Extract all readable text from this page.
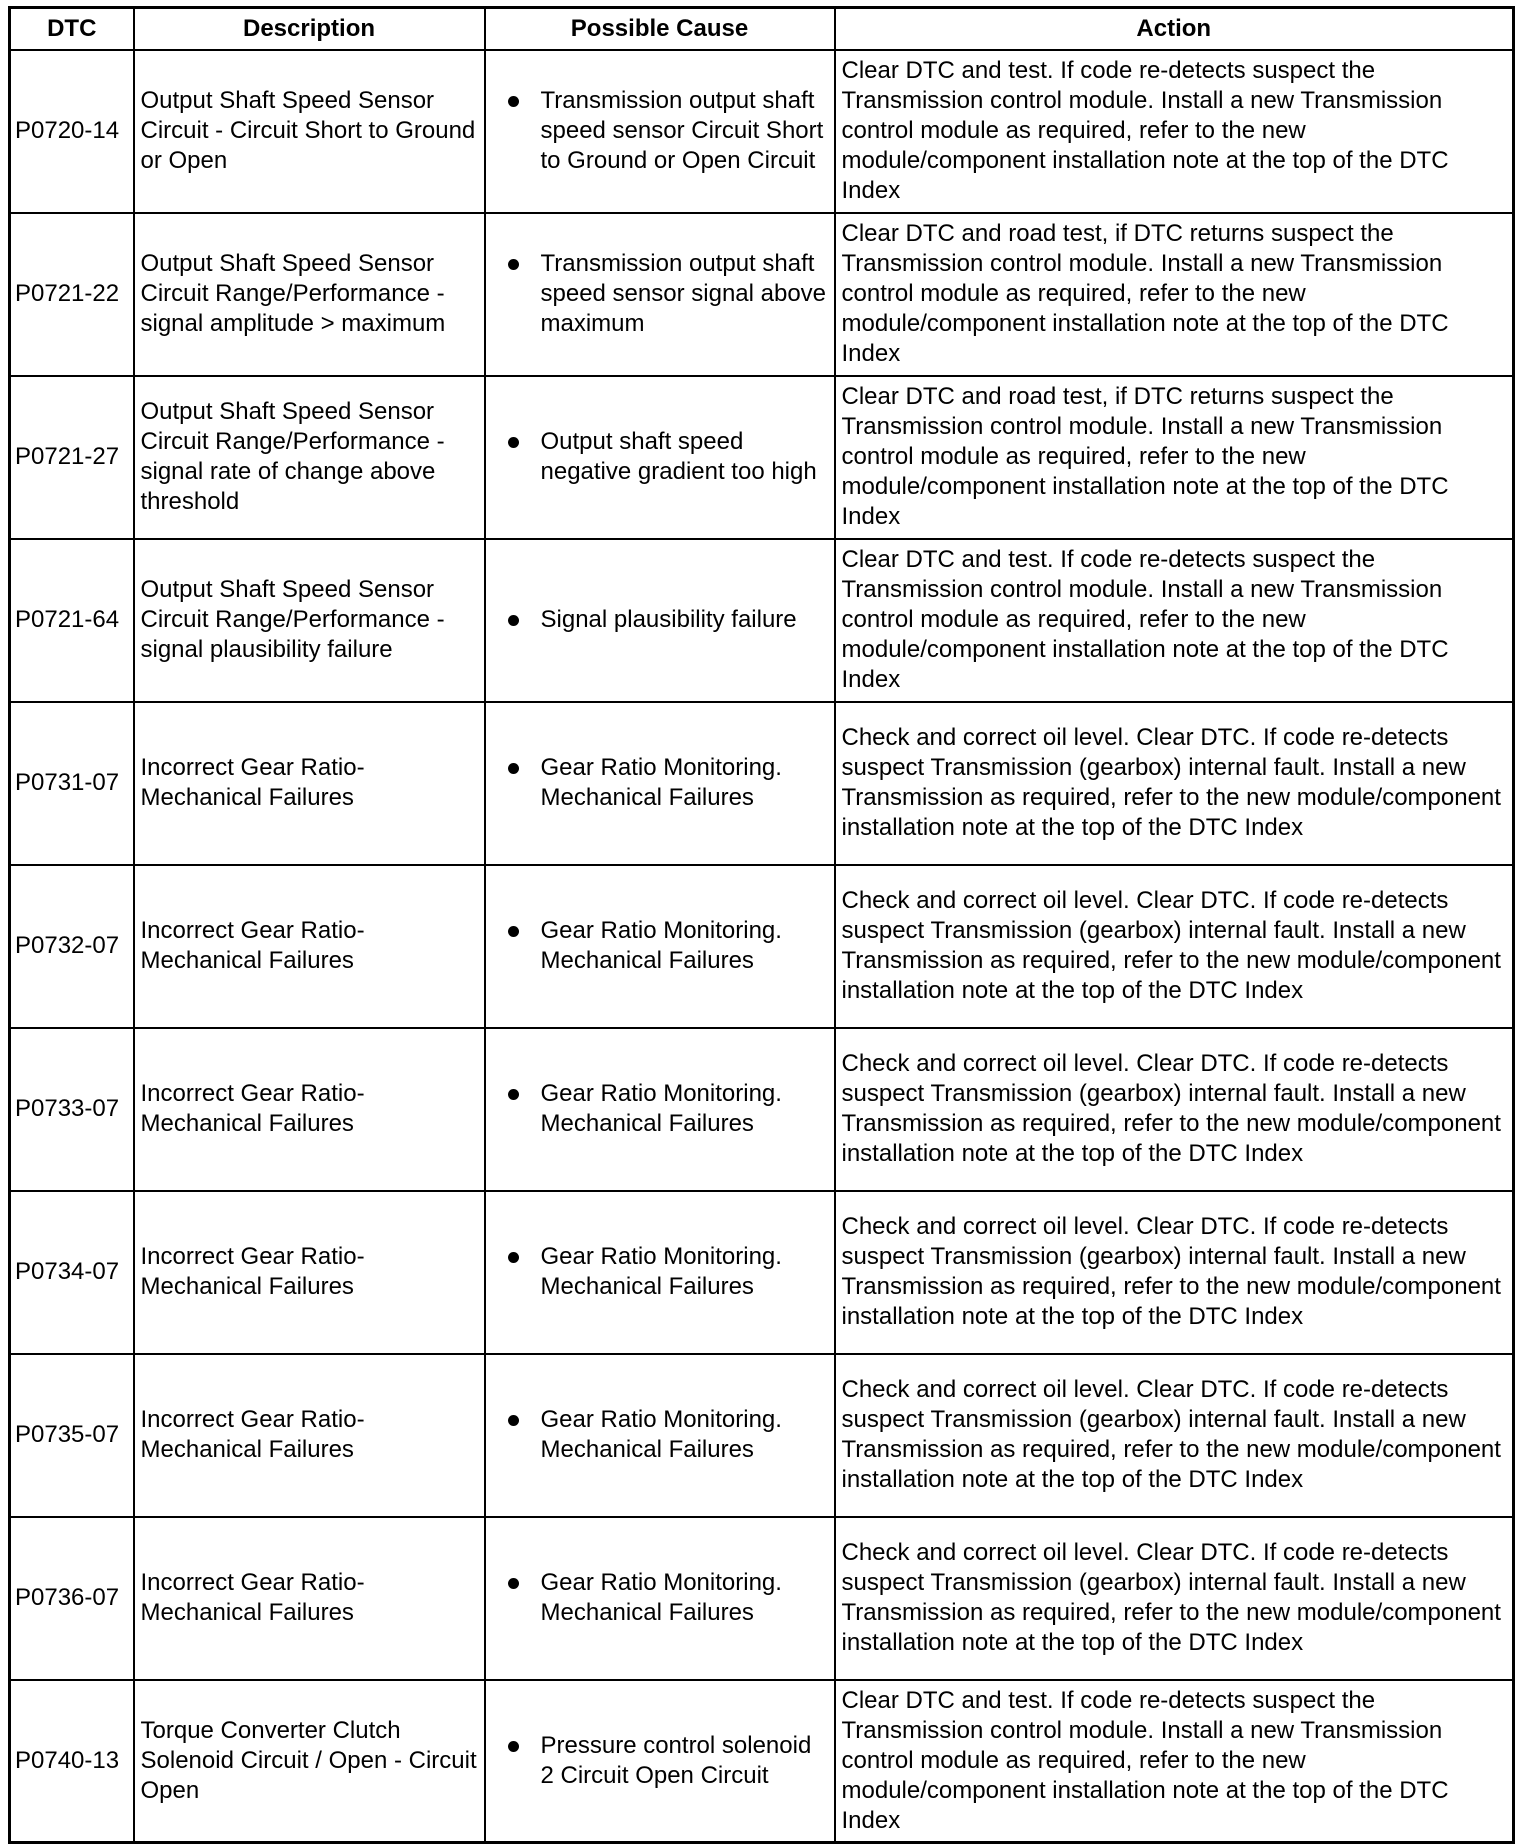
DTC	Description	Possible Cause	Action
P0720-14	Output Shaft Speed Sensor Circuit - Circuit Short to Ground or Open	Transmission output shaft speed sensor Circuit Short to Ground or Open Circuit	Clear DTC and test. If code re-detects suspect the Transmission control module. Install a new Transmission control module as required, refer to the new module/component installation note at the top of the DTC Index
P0721-22	Output Shaft Speed Sensor Circuit Range/Performance - signal amplitude > maximum	Transmission output shaft speed sensor signal above maximum	Clear DTC and road test, if DTC returns suspect the Transmission control module. Install a new Transmission control module as required, refer to the new module/component installation note at the top of the DTC Index
P0721-27	Output Shaft Speed Sensor Circuit Range/Performance - signal rate of change above threshold	Output shaft speed negative gradient too high	Clear DTC and road test, if DTC returns suspect the Transmission control module. Install a new Transmission control module as required, refer to the new module/component installation note at the top of the DTC Index
P0721-64	Output Shaft Speed Sensor Circuit Range/Performance - signal plausibility failure	Signal plausibility failure	Clear DTC and test. If code re-detects suspect the Transmission control module. Install a new Transmission control module as required, refer to the new module/component installation note at the top of the DTC Index
P0731-07	Incorrect Gear Ratio-Mechanical Failures	Gear Ratio Monitoring. Mechanical Failures	Check and correct oil level. Clear DTC. If code re-detects suspect Transmission (gearbox) internal fault. Install a new Transmission as required, refer to the new module/component installation note at the top of the DTC Index
P0732-07	Incorrect Gear Ratio-Mechanical Failures	Gear Ratio Monitoring. Mechanical Failures	Check and correct oil level. Clear DTC. If code re-detects suspect Transmission (gearbox) internal fault. Install a new Transmission as required, refer to the new module/component installation note at the top of the DTC Index
P0733-07	Incorrect Gear Ratio-Mechanical Failures	Gear Ratio Monitoring. Mechanical Failures	Check and correct oil level. Clear DTC. If code re-detects suspect Transmission (gearbox) internal fault. Install a new Transmission as required, refer to the new module/component installation note at the top of the DTC Index
P0734-07	Incorrect Gear Ratio-Mechanical Failures	Gear Ratio Monitoring. Mechanical Failures	Check and correct oil level. Clear DTC. If code re-detects suspect Transmission (gearbox) internal fault. Install a new Transmission as required, refer to the new module/component installation note at the top of the DTC Index
P0735-07	Incorrect Gear Ratio-Mechanical Failures	Gear Ratio Monitoring. Mechanical Failures	Check and correct oil level. Clear DTC. If code re-detects suspect Transmission (gearbox) internal fault. Install a new Transmission as required, refer to the new module/component installation note at the top of the DTC Index
P0736-07	Incorrect Gear Ratio-Mechanical Failures	Gear Ratio Monitoring. Mechanical Failures	Check and correct oil level. Clear DTC. If code re-detects suspect Transmission (gearbox) internal fault. Install a new Transmission as required, refer to the new module/component installation note at the top of the DTC Index
P0740-13	Torque Converter Clutch Solenoid Circuit / Open - Circuit Open	Pressure control solenoid 2 Circuit Open Circuit	Clear DTC and test. If code re-detects suspect the Transmission control module. Install a new Transmission control module as required, refer to the new module/component installation note at the top of the DTC Index
